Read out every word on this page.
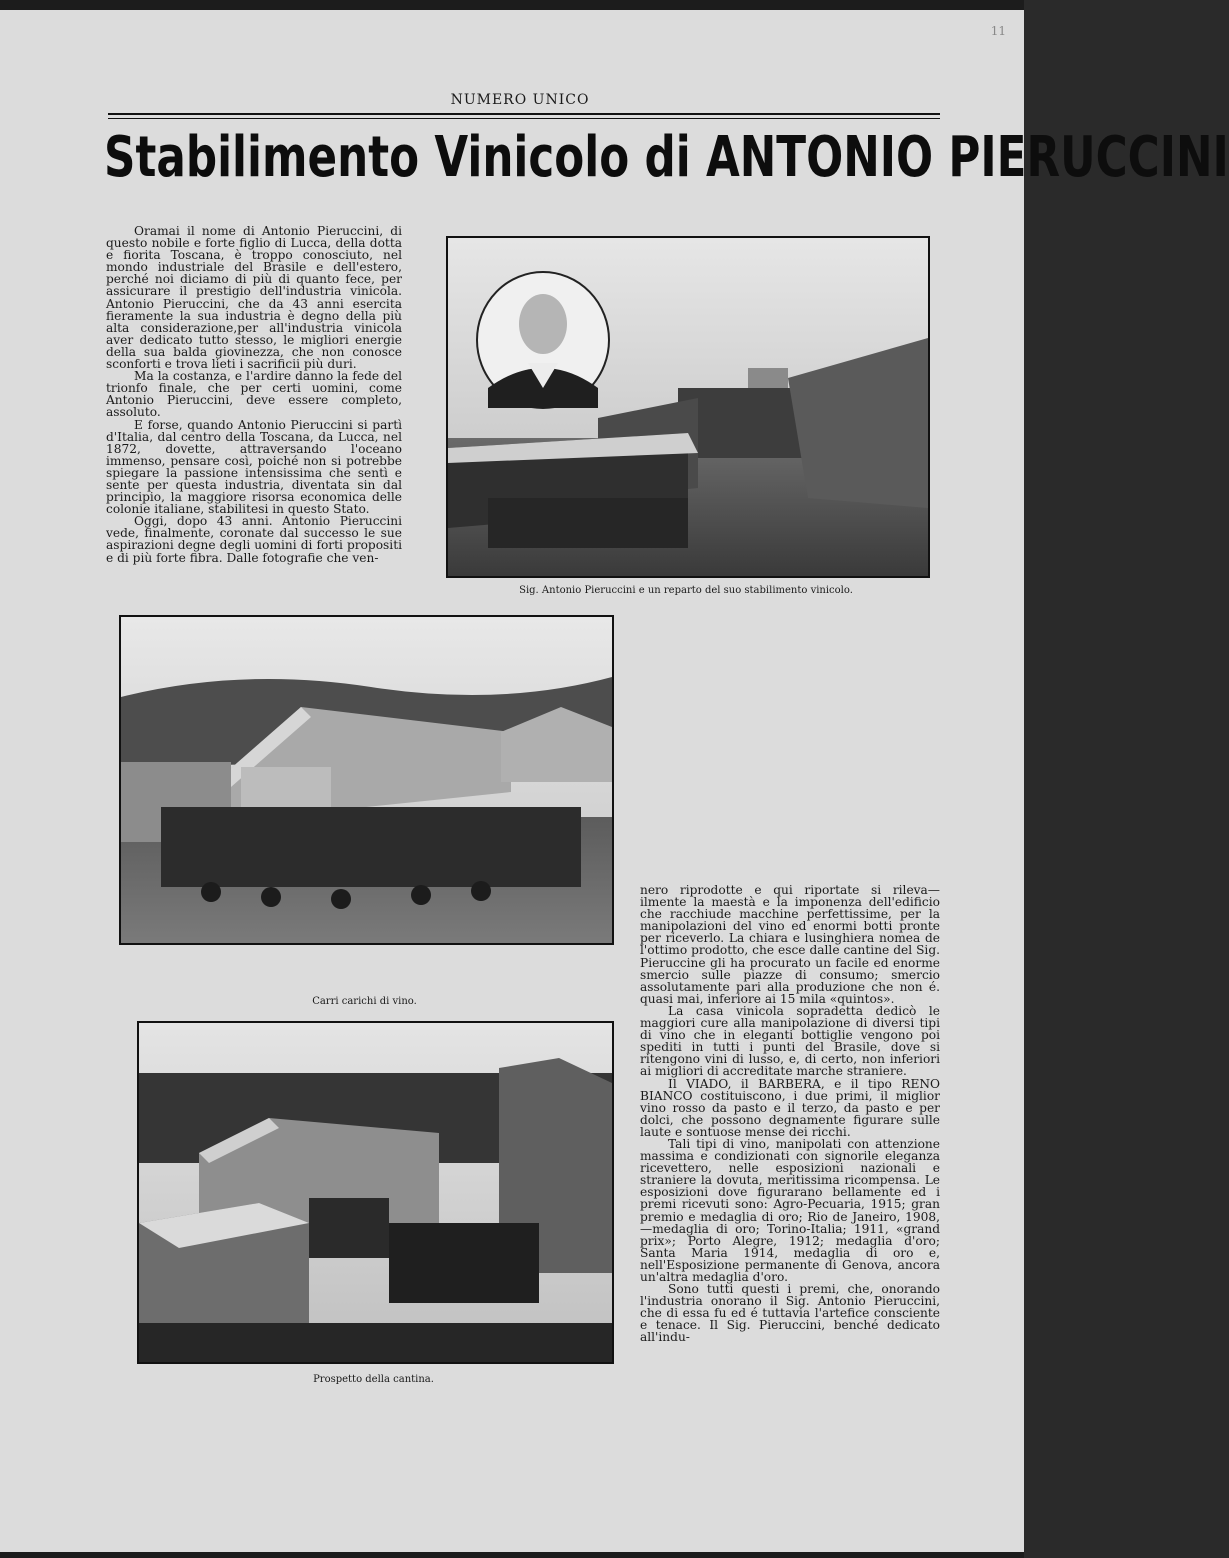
11
NUMERO UNICO
Stabilimento Vinicolo di ANTONIO PIERUCCINI

Oramai il nome di Antonio Pieruccini, di questo nobile e forte figlio di Lucca, della dotta e fiorita Toscana, è troppo conosciuto, nel mondo industriale del Brasile e dell'estero, perché noi diciamo di più di quanto fece, per assicurare il prestigio dell'industria vinicola. Antonio Pieruccini, che da 43 anni esercita fieramente la sua industria è degno della più alta considerazione,per all'industria vinicola aver dedicato tutto stesso, le migliori energie della sua balda giovinezza, che non conosce sconforti e trova lieti i sacrificii più duri.

Ma la costanza, e l'ardire danno la fede del trionfo finale, che per certi uomini, come Antonio Pieruccini, deve essere completo, assoluto.

E forse, quando Antonio Pieruccini si partì d'Italia, dal centro della Toscana, da Lucca, nel 1872, dovette, attraversando l'oceano immenso, pensare così, poiché non si potrebbe spiegare la passione intensissima che sentì e sente per questa industria, diventata sin dal principio, la maggiore risorsa economica delle colonie italiane, stabilitesi in questo Stato.

Oggi, dopo 43 anni. Antonio Pieruccini vede, finalmente, coronate dal successo le sue aspirazioni degne degli uomini di forti propositi e di più forte fibra. Dalle fotografie che ven-

Sig. Antonio Pieruccini e un reparto del suo stabilimento vinicolo.
Carri carichi di vino.
Prospetto della cantina.

nero riprodotte e qui riportate si rileva— ilmente la maestà e la imponenza dell'edificio che racchiude macchine perfettissime, per la manipolazioni del vino ed enormi botti pronte per riceverlo. La chiara e lusinghiera nomea de l'ottimo prodotto, che esce dalle cantine del Sig. Pieruccine gli ha procurato un facile ed enorme smercio sulle piazze di consumo; smercio assolutamente pari alla produzione che non é. quasi mai, inferiore ai 15 mila «quintos».

La casa vinicola sopradetta dedicò le maggiori cure alla manipolazione di diversi tipi di vino che in eleganti bottiglie vengono poi spediti in tutti i punti del Brasile, dove si ritengono vini di lusso, e, di certo, non inferiori ai migliori di accreditate marche straniere.

Il VIADO, il BARBERA, e il tipo RENO BIANCO costituiscono, i due primi, il miglior vino rosso da pasto e il terzo, da pasto e per dolci, che possono degnamente figurare sulle laute e sontuose mense dei ricchi.

Tali tipi di vino, manipolati con attenzione massima e condizionati con signorile eleganza ricevettero, nelle esposizioni nazionali e straniere la dovuta, meritissima ricompensa. Le esposizioni dove figurarano bellamente ed i premi ricevuti sono: Agro-Pecuaria, 1915; gran premio e medaglia di oro; Rio de Janeiro, 1908,—medaglia di oro; Torino-Italia; 1911, «grand prix»; Porto Alegre, 1912; medaglia d'oro; Santa Maria 1914, medaglia di oro e, nell'Esposizione permanente di Genova, ancora un'altra medaglia d'oro.

Sono tutti questi i premi, che, onorando l'industria onorano il Sig. Antonio Pieruccini, che di essa fu ed é tuttavia l'artefice consciente e tenace. Il Sig. Pieruccini, benché dedicato all'indu-
